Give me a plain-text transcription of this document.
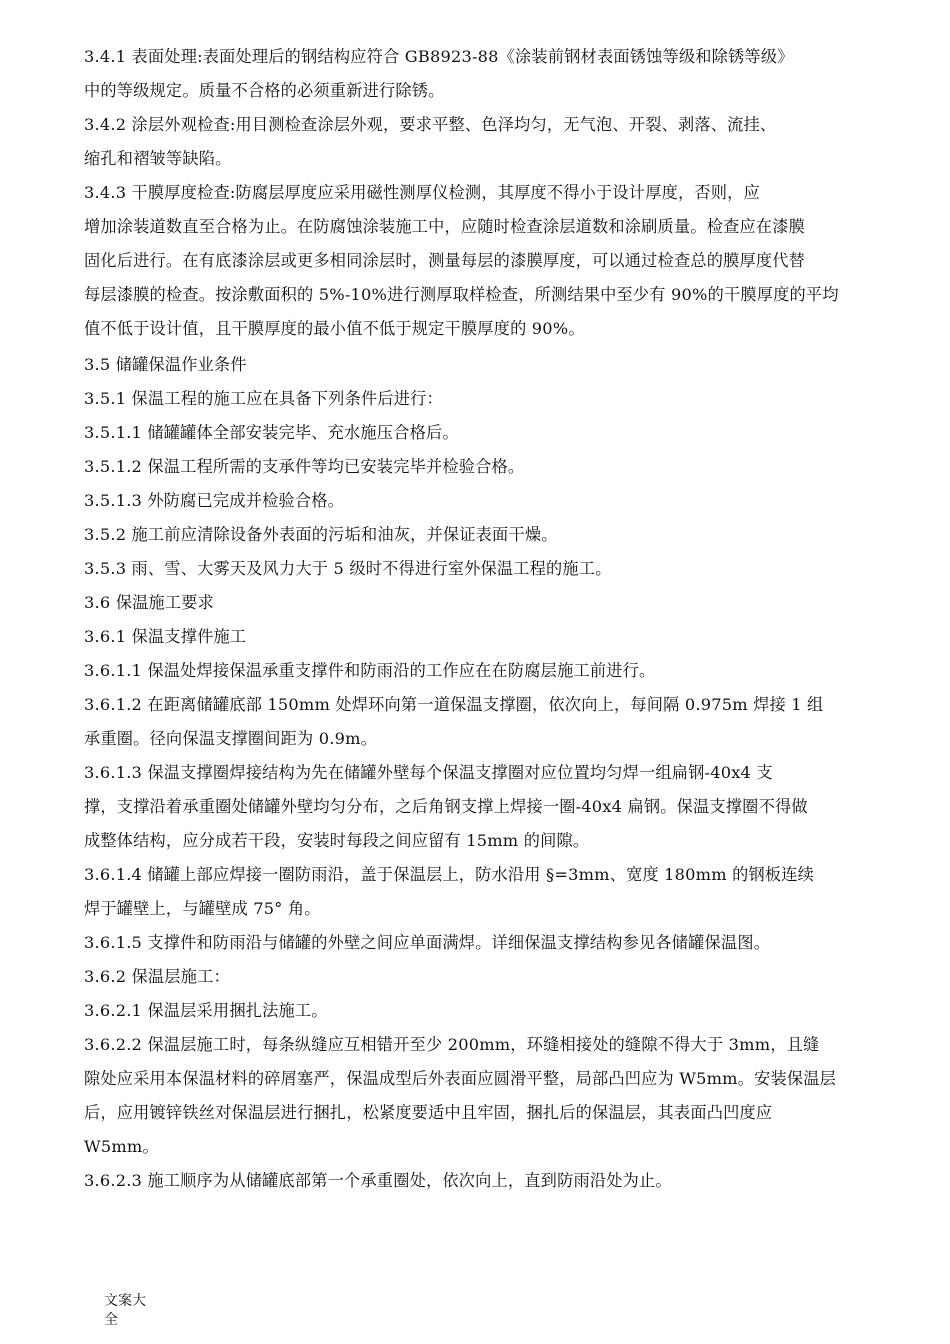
3.4.1 表面处理:表面处理后的钢结构应符合 GB8923-88《涂装前钢材表面锈蚀等级和除锈等级》
中的等级规定。质量不合格的必须重新进行除锈。
3.4.2 涂层外观检查:用目测检查涂层外观，要求平整、色泽均匀，无气泡、开裂、剥落、流挂、
缩孔和褶皱等缺陷。
3.4.3 干膜厚度检查:防腐层厚度应采用磁性测厚仪检测，其厚度不得小于设计厚度，否则，应
增加涂装道数直至合格为止。在防腐蚀涂装施工中，应随时检查涂层道数和涂刷质量。检查应在漆膜
固化后进行。在有底漆涂层或更多相同涂层时，测量每层的漆膜厚度，可以通过检查总的膜厚度代替
每层漆膜的检查。按涂敷面积的 5%-10%进行测厚取样检查，所测结果中至少有 90%的干膜厚度的平均
值不低于设计值，且干膜厚度的最小值不低于规定干膜厚度的 90%。
3.5 储罐保温作业条件
3.5.1 保温工程的施工应在具备下列条件后进行：
3.5.1.1 储罐罐体全部安装完毕、充水施压合格后。
3.5.1.2 保温工程所需的支承件等均已安装完毕并检验合格。
3.5.1.3 外防腐已完成并检验合格。
3.5.2 施工前应清除设备外表面的污垢和油灰，并保证表面干燥。
3.5.3 雨、雪、大雾天及风力大于 5 级时不得进行室外保温工程的施工。
3.6 保温施工要求
3.6.1 保温支撑件施工
3.6.1.1 保温处焊接保温承重支撑件和防雨沿的工作应在在防腐层施工前进行。
3.6.1.2 在距离储罐底部 150mm 处焊环向第一道保温支撑圈，依次向上，每间隔 0.975m 焊接 1 组
承重圈。径向保温支撑圈间距为 0.9m。
3.6.1.3 保温支撑圈焊接结构为先在储罐外壁每个保温支撑圈对应位置均匀焊一组扁钢-40x4 支
撑，支撑沿着承重圈处储罐外壁均匀分布，之后角钢支撑上焊接一圈-40x4 扁钢。保温支撑圈不得做
成整体结构，应分成若干段，安装时每段之间应留有 15mm 的间隙。
3.6.1.4 储罐上部应焊接一圈防雨沿，盖于保温层上，防水沿用 §=3mm、宽度 180mm 的钢板连续
焊于罐壁上，与罐壁成 75° 角。
3.6.1.5 支撑件和防雨沿与储罐的外壁之间应单面满焊。详细保温支撑结构参见各储罐保温图。
3.6.2 保温层施工：
3.6.2.1 保温层采用捆扎法施工。
3.6.2.2 保温层施工时，每条纵缝应互相错开至少 200mm，环缝相接处的缝隙不得大于 3mm，且缝
隙处应采用本保温材料的碎屑塞严，保温成型后外表面应圆滑平整，局部凸凹应为 W5mm。安装保温层
后，应用镀锌铁丝对保温层进行捆扎，松紧度要适中且牢固，捆扎后的保温层，其表面凸凹度应
W5mm。
3.6.2.3 施工顺序为从储罐底部第一个承重圈处，依次向上，直到防雨沿处为止。
文案大
全
